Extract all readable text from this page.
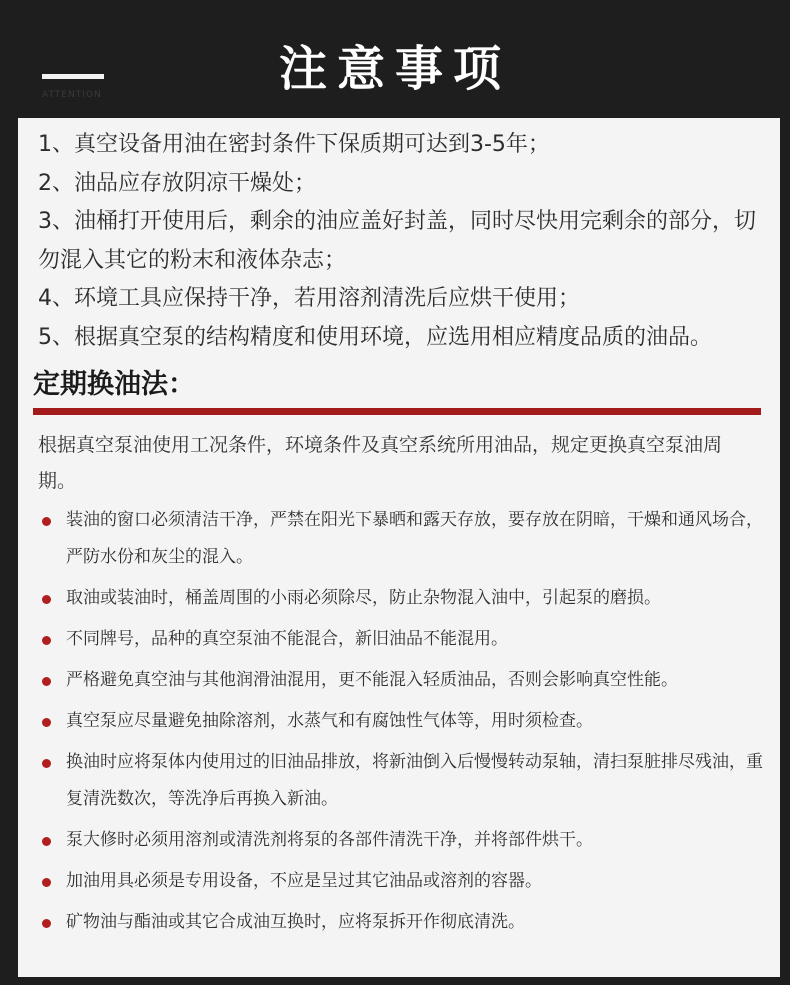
ATTENTION	注意事项
1、真空设备用油在密封条件下保质期可达到3-5年；
2、油品应存放阴凉干燥处；
3、油桶打开使用后，剩余的油应盖好封盖，同时尽快用完剩余的部分，切勿混入其它的粉末和液体杂志；
4、环境工具应保持干净，若用溶剂清洗后应烘干使用；
5、根据真空泵的结构精度和使用环境，应选用相应精度品质的油品。
定期换油法：
根据真空泵油使用工况条件，环境条件及真空系统所用油品，规定更换真空泵油周期。
装油的窗口必须清洁干净，严禁在阳光下暴晒和露天存放，要存放在阴暗，干燥和通风场合，严防水份和灰尘的混入。
取油或装油时，桶盖周围的小雨必须除尽，防止杂物混入油中，引起泵的磨损。
不同牌号，品种的真空泵油不能混合，新旧油品不能混用。
严格避免真空油与其他润滑油混用，更不能混入轻质油品，否则会影响真空性能。
真空泵应尽量避免抽除溶剂，水蒸气和有腐蚀性气体等，用时须检查。
换油时应将泵体内使用过的旧油品排放，将新油倒入后慢慢转动泵轴，清扫泵脏排尽残油，重复清洗数次，等洗净后再换入新油。
泵大修时必须用溶剂或清洗剂将泵的各部件清洗干净，并将部件烘干。
加油用具必须是专用设备，不应是呈过其它油品或溶剂的容器。
矿物油与酯油或其它合成油互换时，应将泵拆开作彻底清洗。
